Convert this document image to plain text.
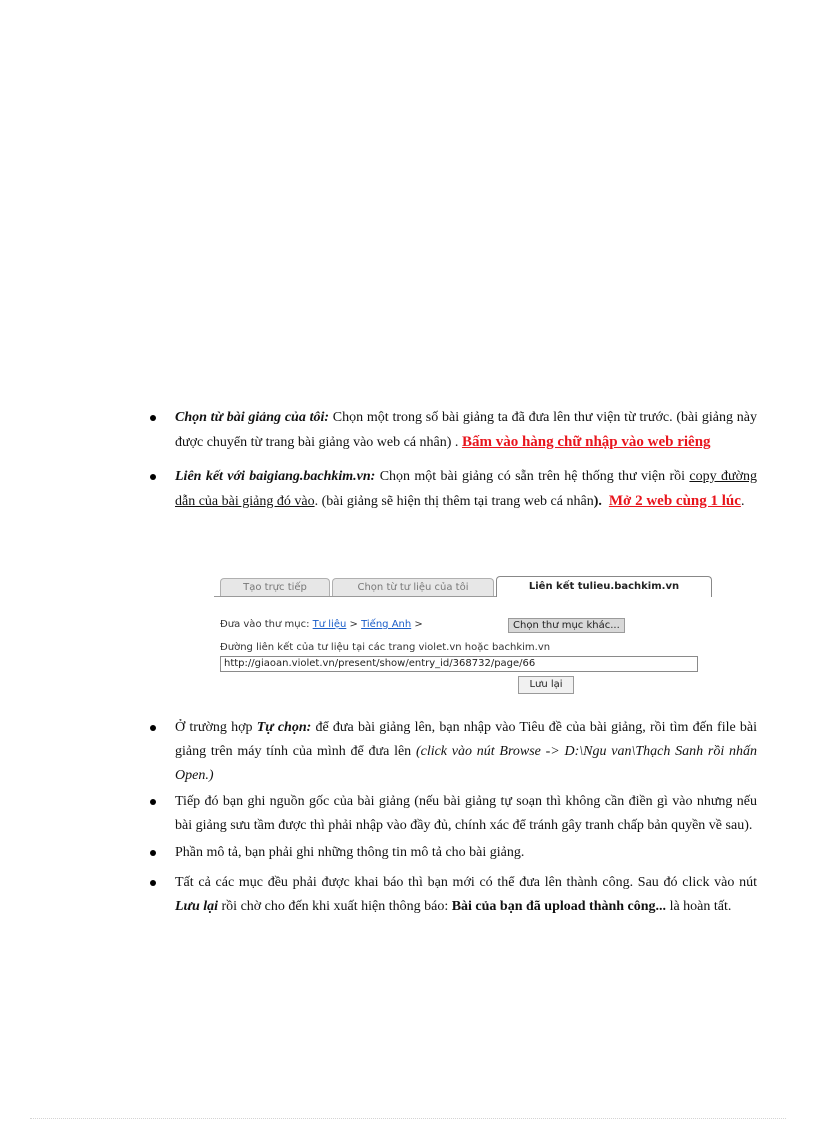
Chọn từ bài giảng của tôi: Chọn một trong số bài giảng ta đã đưa lên thư viện từ trước. (bài giảng này được chuyển từ trang bài giảng vào web cá nhân) . Bấm vào hàng chữ nhập vào web riêng
Liên kết với baigiang.bachkim.vn: Chọn một bài giảng có sẵn trên hệ thống thư viện rồi copy đường dẫn của bài giảng đó vào. (bài giảng sẽ hiện thị thêm tại trang web cá nhân). Mở 2 web cùng 1 lúc.
Tạo trực tiếp	Chọn từ tư liệu của tôi	Liên kết tulieu.bachkim.vn
Đưa vào thư mục: Tư liệu > Tiếng Anh >	Chọn thư mục khác...
Đường liên kết của tư liệu tại các trang violet.vn hoặc bachkim.vn
http://giaoan.violet.vn/present/show/entry_id/368732/page/66
Lưu lại
Ở trường hợp Tự chọn: để đưa bài giảng lên, bạn nhập vào Tiêu đề của bài giảng, rồi tìm đến file bài giảng trên máy tính của mình để đưa lên (click vào nút Browse -> D:\Ngu van\Thạch Sanh rồi nhấn Open.)
Tiếp đó bạn ghi nguồn gốc của bài giảng (nếu bài giảng tự soạn thì không cần điền gì vào nhưng nếu bài giảng sưu tầm được thì phải nhập vào đầy đủ, chính xác để tránh gây tranh chấp bản quyền về sau).
Phần mô tả, bạn phải ghi những thông tin mô tả cho bài giảng.
Tất cả các mục đều phải được khai báo thì bạn mới có thể đưa lên thành công. Sau đó click vào nút Lưu lại rồi chờ cho đến khi xuất hiện thông báo: Bài của bạn đã upload thành công... là hoàn tất.
